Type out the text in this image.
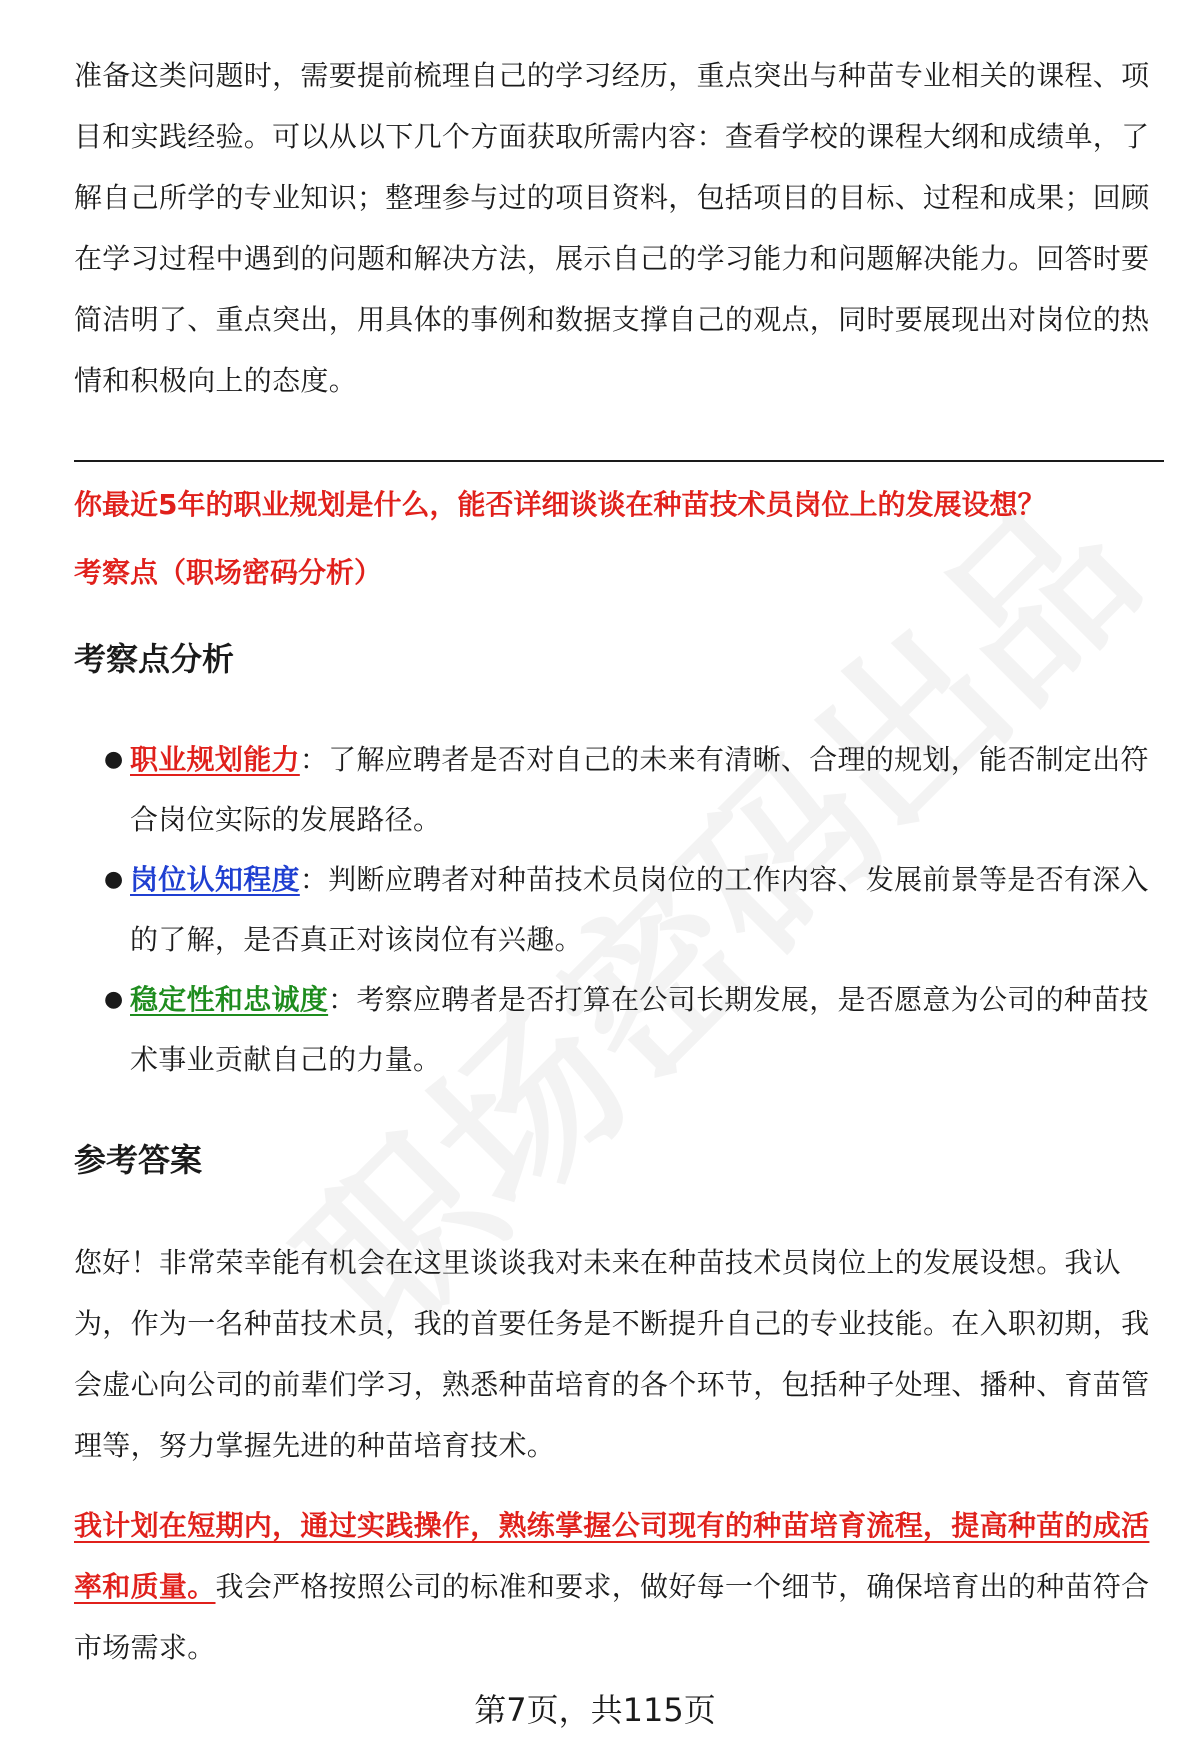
准备这类问题时，需要提前梳理自己的学习经历，重点突出与种苗专业相关的课程、项目和实践经验。可以从以下几个方面获取所需内容：查看学校的课程大纲和成绩单，了解自己所学的专业知识；整理参与过的项目资料，包括项目的目标、过程和成果；回顾在学习过程中遇到的问题和解决方法，展示自己的学习能力和问题解决能力。回答时要简洁明了、重点突出，用具体的事例和数据支撑自己的观点，同时要展现出对岗位的热情和积极向上的态度。

你最近5年的职业规划是什么，能否详细谈谈在种苗技术员岗位上的发展设想？

考察点（职场密码分析）

考察点分析
● 职业规划能力：了解应聘者是否对自己的未来有清晰、合理的规划，能否制定出符合岗位实际的发展路径。
● 岗位认知程度：判断应聘者对种苗技术员岗位的工作内容、发展前景等是否有深入的了解，是否真正对该岗位有兴趣。
● 稳定性和忠诚度：考察应聘者是否打算在公司长期发展，是否愿意为公司的种苗技术事业贡献自己的力量。
参考答案

您好！非常荣幸能有机会在这里谈谈我对未来在种苗技术员岗位上的发展设想。我认为，作为一名种苗技术员，我的首要任务是不断提升自己的专业技能。在入职初期，我会虚心向公司的前辈们学习，熟悉种苗培育的各个环节，包括种子处理、播种、育苗管理等，努力掌握先进的种苗培育技术。

我计划在短期内，通过实践操作，熟练掌握公司现有的种苗培育流程，提高种苗的成活率和质量。我会严格按照公司的标准和要求，做好每一个细节，确保培育出的种苗符合市场需求。

第7页，共115页
